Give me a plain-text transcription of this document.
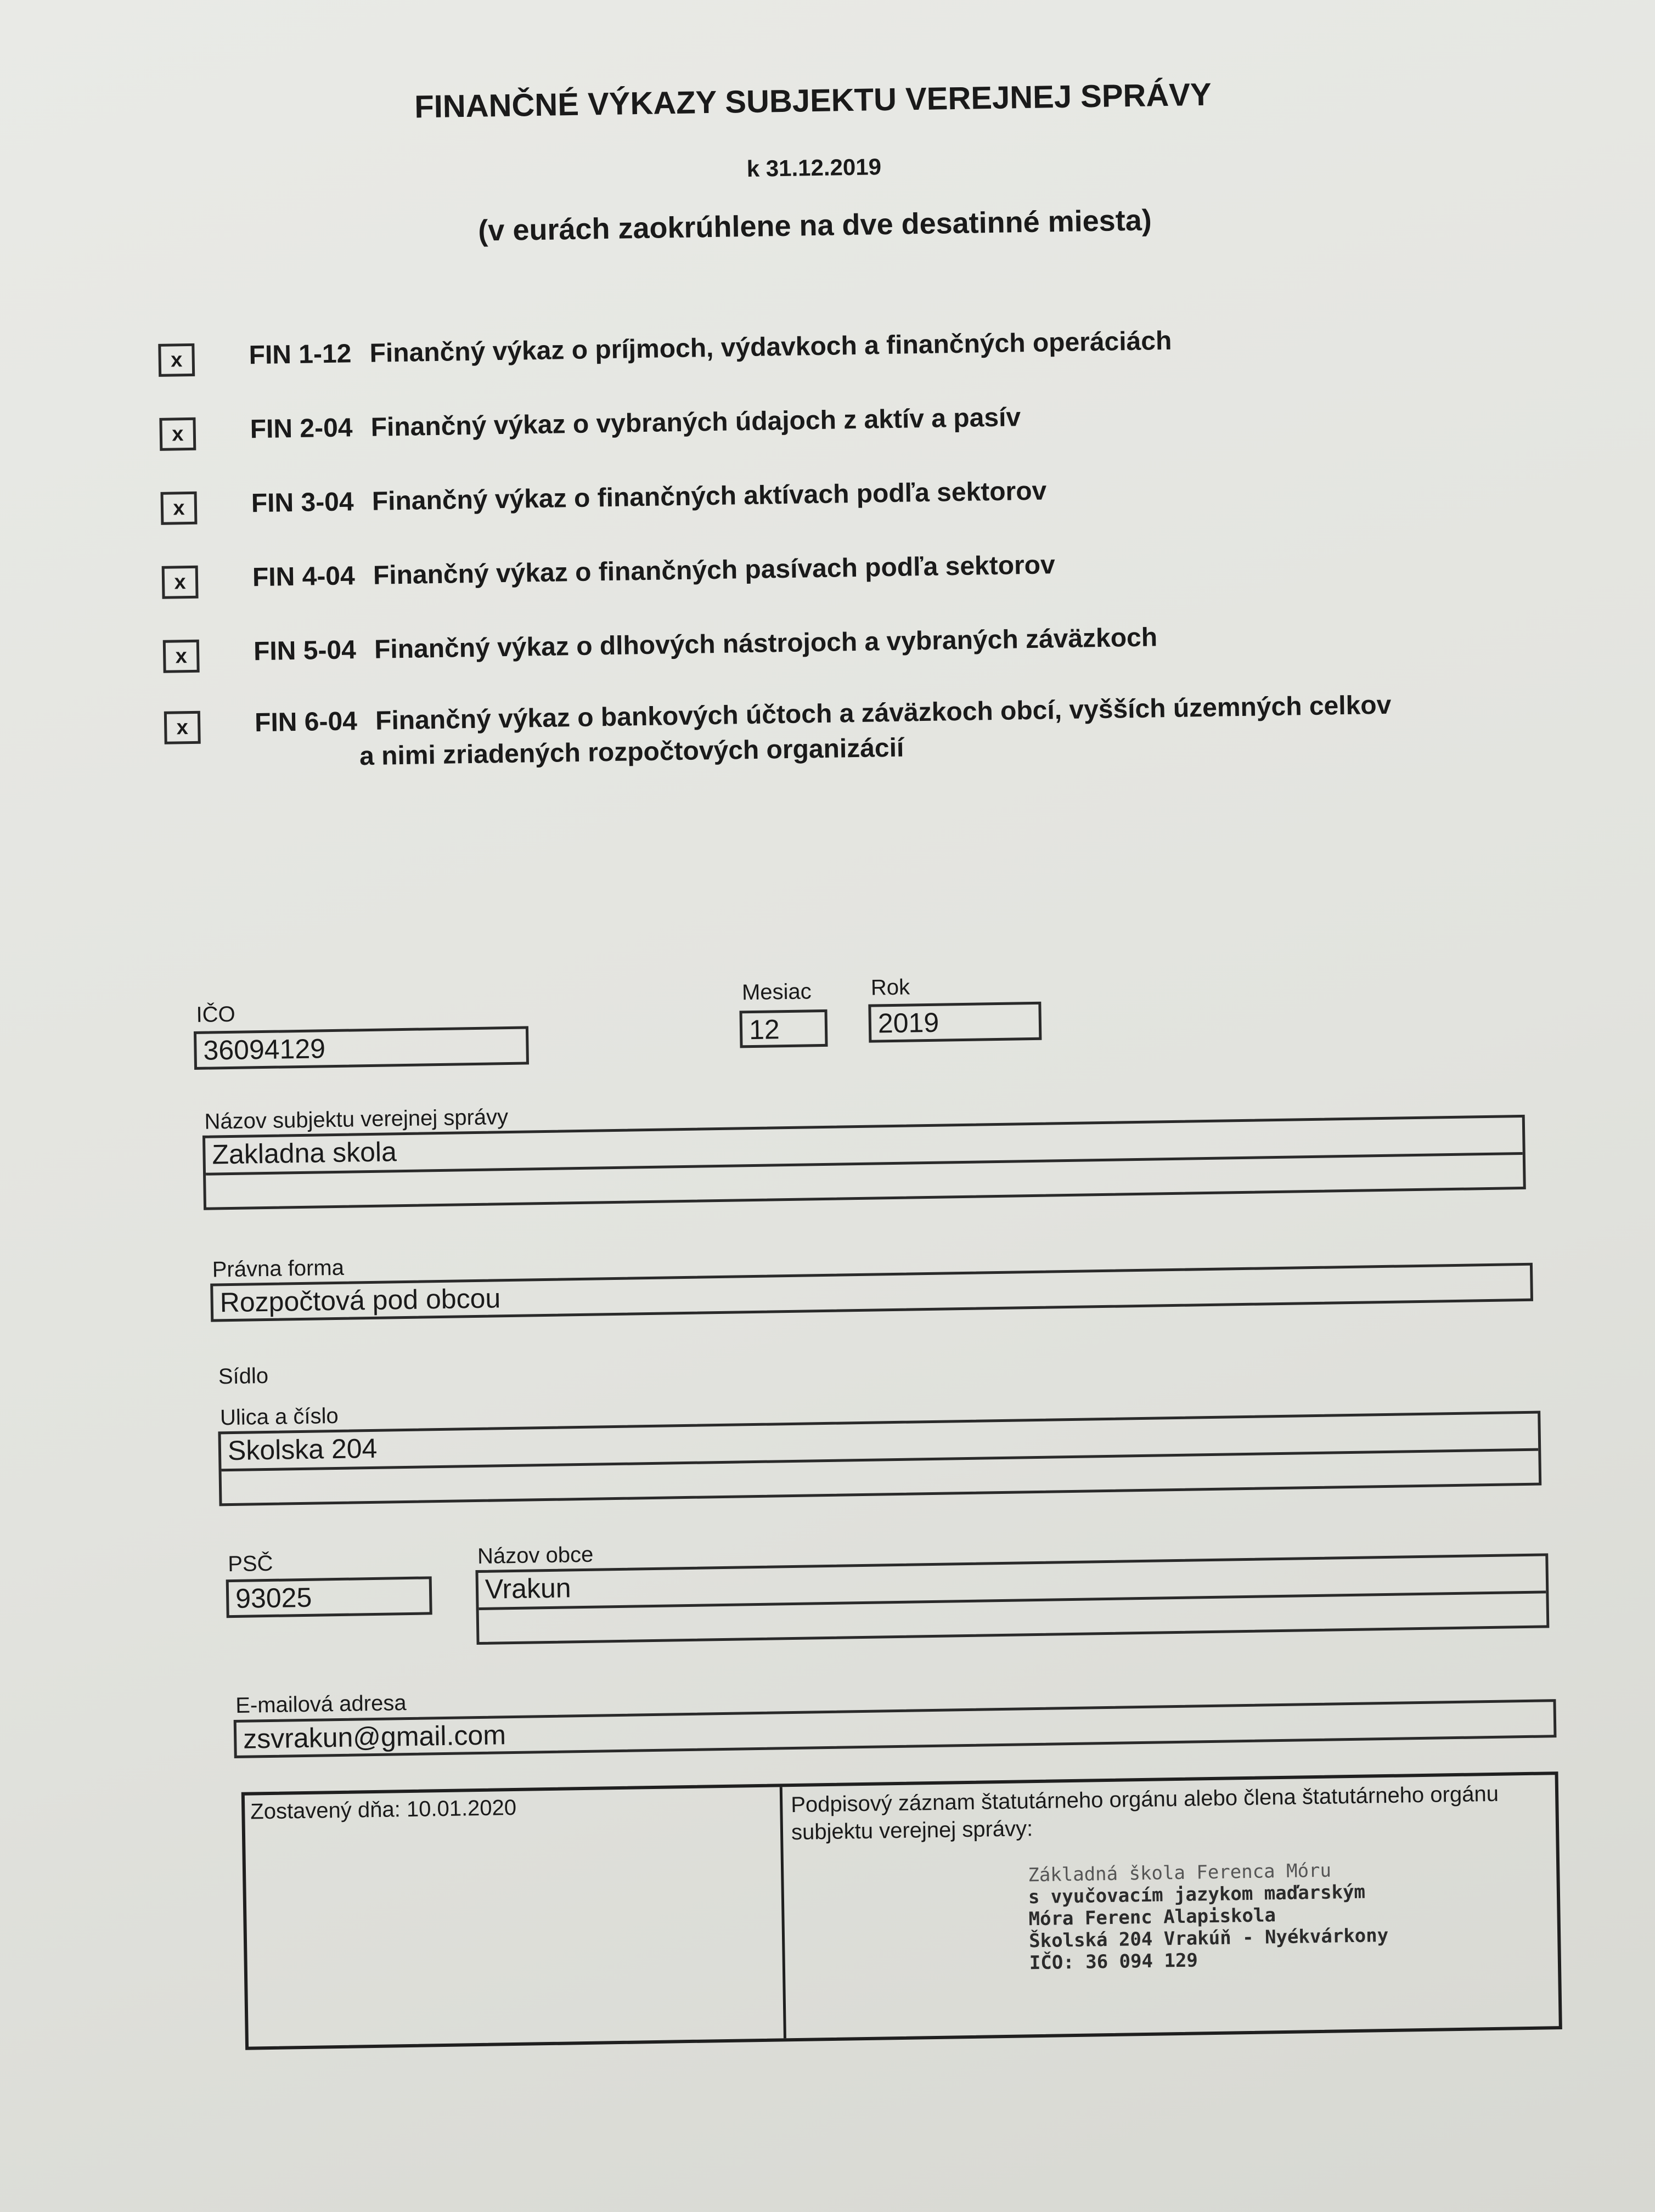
FINANČNÉ VÝKAZY SUBJEKTU VEREJNEJ SPRÁVY
k 31.12.2019
(v eurách zaokrúhlene na dve desatinné miesta)
x	FIN 1-12 Finančný výkaz o príjmoch, výdavkoch a finančných operáciách
x	FIN 2-04 Finančný výkaz o vybraných údajoch z aktív a pasív
x	FIN 3-04 Finančný výkaz o finančných aktívach podľa sektorov
x	FIN 4-04 Finančný výkaz o finančných pasívach podľa sektorov
x	FIN 5-04 Finančný výkaz o dlhových nástrojoch a vybraných záväzkoch
x	FIN 6-04 Finančný výkaz o bankových účtoch a záväzkoch obcí, vyšších územných celkov
a nimi zriadených rozpočtových organizácií
IČO
36094129
Mesiac
12
Rok
2019
Názov subjektu verejnej správy
Zakladna skola
Právna forma
Rozpočtová pod obcou
Sídlo
Ulica a číslo
Skolska 204
PSČ
93025
Názov obce
Vrakun
E-mailová adresa
zsvrakun@gmail.com
Zostavený dňa: 10.01.2020	Podpisový záznam štatutárneho orgánu alebo člena štatutárneho orgánu subjektu verejnej správy:
Základná škola Ferenca Móru
s vyučovacím jazykom maďarským
Móra Ferenc Alapiskola
Školská 204 Vrakúň - Nyékvárkony
IČO: 36 094 129
